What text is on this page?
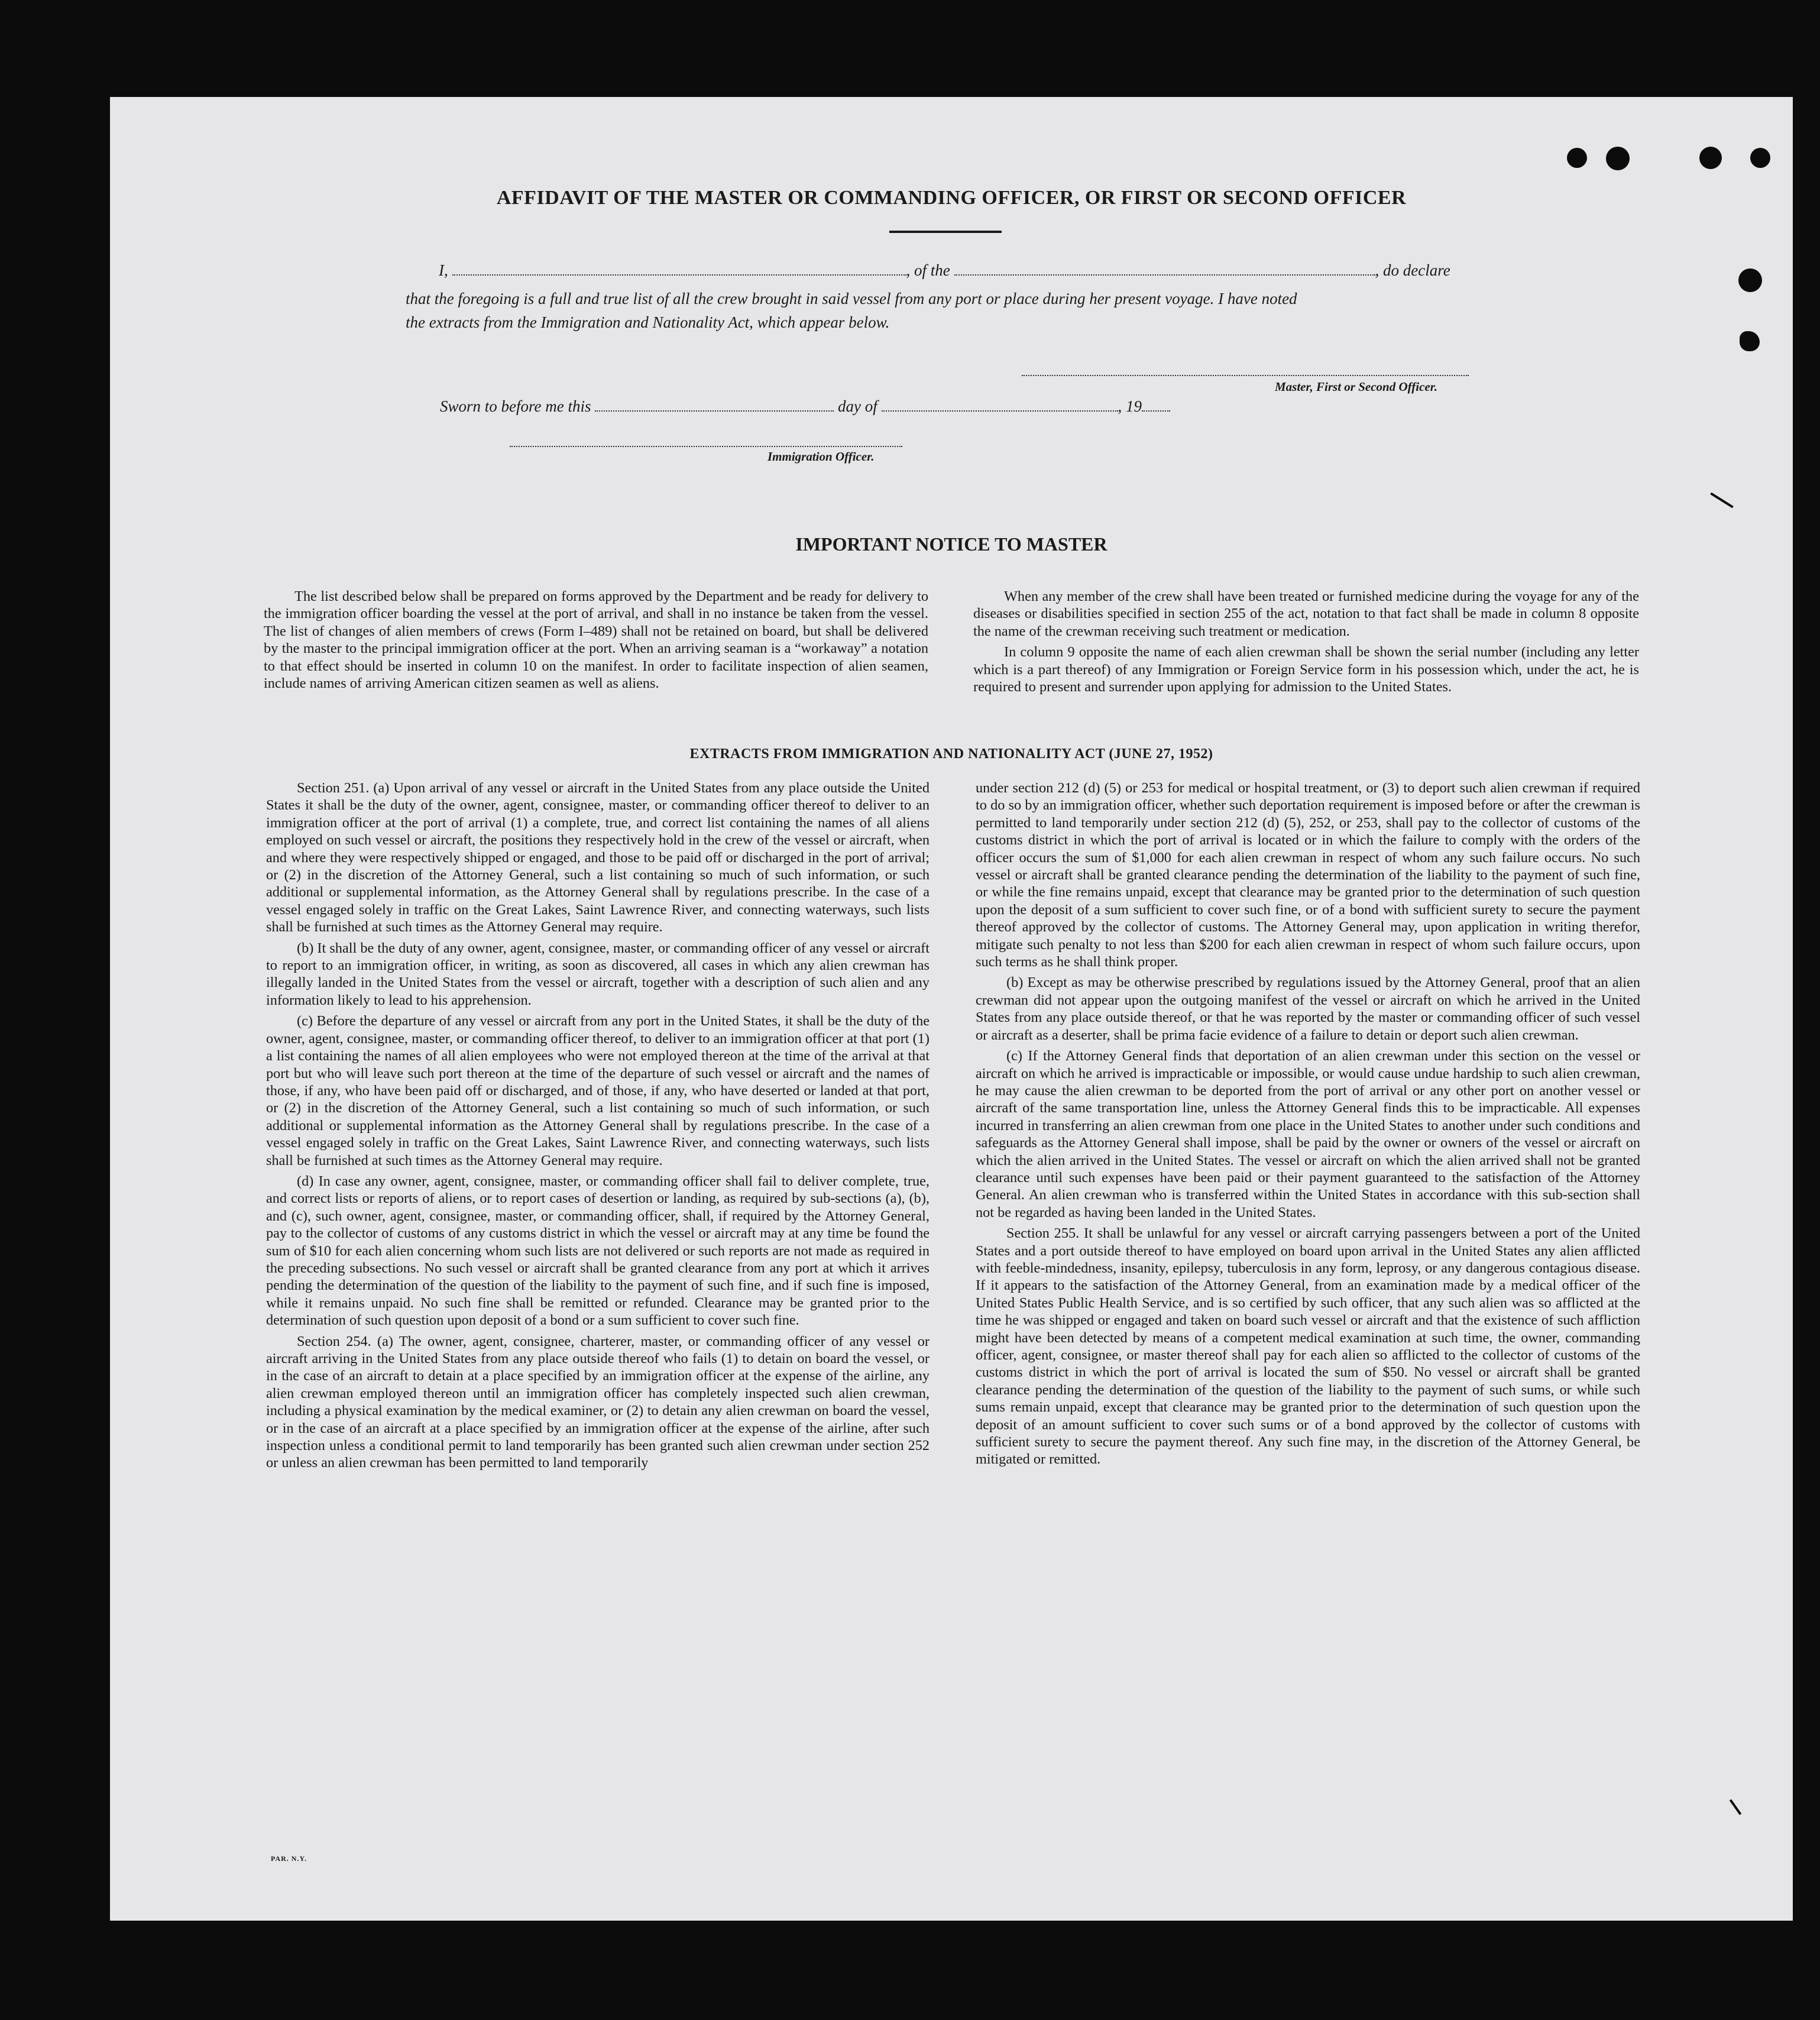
AFFIDAVIT OF THE MASTER OR COMMANDING OFFICER, OR FIRST OR SECOND OFFICER
I,	, of the	, do declare
that the foregoing is a full and true list of all the crew brought in said vessel from any port or place during her present voyage. I have noted
the extracts from the Immigration and Nationality Act, which appear below.
Master, First or Second Officer.
Sworn to before me this	day of	, 19
Immigration Officer.
IMPORTANT NOTICE TO MASTER

The list described below shall be prepared on forms approved by the Department and be ready for delivery to the immigration officer boarding the vessel at the port of arrival, and shall in no instance be taken from the vessel. The list of changes of alien members of crews (Form I–489) shall not be retained on board, but shall be delivered by the master to the principal immigration officer at the port. When an arriving seaman is a “workaway” a notation to that effect should be inserted in column 10 on the manifest. In order to facilitate inspection of alien seamen, include names of arriving American citizen seamen as well as aliens.

When any member of the crew shall have been treated or furnished medicine during the voyage for any of the diseases or disabilities specified in section 255 of the act, notation to that fact shall be made in column 8 opposite the name of the crewman receiving such treatment or medication.

In column 9 opposite the name of each alien crewman shall be shown the serial number (including any letter which is a part thereof) of any Immigration or Foreign Service form in his possession which, under the act, he is required to present and surrender upon applying for admission to the United States.

EXTRACTS FROM IMMIGRATION AND NATIONALITY ACT (JUNE 27, 1952)

Section 251. (a) Upon arrival of any vessel or aircraft in the United States from any place outside the United States it shall be the duty of the owner, agent, consignee, master, or commanding officer thereof to deliver to an immigration officer at the port of arrival (1) a complete, true, and correct list containing the names of all aliens employed on such vessel or aircraft, the positions they respectively hold in the crew of the vessel or aircraft, when and where they were respectively shipped or engaged, and those to be paid off or discharged in the port of arrival; or (2) in the discretion of the Attorney General, such a list containing so much of such information, or such additional or supplemental information, as the Attorney General shall by regulations prescribe. In the case of a vessel engaged solely in traffic on the Great Lakes, Saint Lawrence River, and connecting waterways, such lists shall be furnished at such times as the Attorney General may require.

(b) It shall be the duty of any owner, agent, consignee, master, or commanding officer of any vessel or aircraft to report to an immigration officer, in writing, as soon as discovered, all cases in which any alien crewman has illegally landed in the United States from the vessel or aircraft, together with a description of such alien and any information likely to lead to his apprehension.

(c) Before the departure of any vessel or aircraft from any port in the United States, it shall be the duty of the owner, agent, consignee, master, or commanding officer thereof, to deliver to an immigration officer at that port (1) a list containing the names of all alien employees who were not employed thereon at the time of the arrival at that port but who will leave such port thereon at the time of the departure of such vessel or aircraft and the names of those, if any, who have been paid off or discharged, and of those, if any, who have deserted or landed at that port, or (2) in the discretion of the Attorney General, such a list containing so much of such information, or such additional or supplemental information as the Attorney General shall by regulations prescribe. In the case of a vessel engaged solely in traffic on the Great Lakes, Saint Lawrence River, and connecting waterways, such lists shall be furnished at such times as the Attorney General may require.

(d) In case any owner, agent, consignee, master, or commanding officer shall fail to deliver complete, true, and correct lists or reports of aliens, or to report cases of desertion or landing, as required by sub-sections (a), (b), and (c), such owner, agent, consignee, master, or commanding officer, shall, if required by the Attorney General, pay to the collector of customs of any customs district in which the vessel or aircraft may at any time be found the sum of $10 for each alien concerning whom such lists are not delivered or such reports are not made as required in the preceding subsections. No such vessel or aircraft shall be granted clearance from any port at which it arrives pending the determination of the question of the liability to the payment of such fine, and if such fine is imposed, while it remains unpaid. No such fine shall be remitted or refunded. Clearance may be granted prior to the determination of such question upon deposit of a bond or a sum sufficient to cover such fine.

Section 254. (a) The owner, agent, consignee, charterer, master, or commanding officer of any vessel or aircraft arriving in the United States from any place outside thereof who fails (1) to detain on board the vessel, or in the case of an aircraft to detain at a place specified by an immigration officer at the expense of the airline, any alien crewman employed thereon until an immigration officer has completely inspected such alien crewman, including a physical examination by the medical examiner, or (2) to detain any alien crewman on board the vessel, or in the case of an aircraft at a place specified by an immigration officer at the expense of the airline, after such inspection unless a conditional permit to land temporarily has been granted such alien crewman under section 252 or unless an alien crewman has been permitted to land temporarily

under section 212 (d) (5) or 253 for medical or hospital treatment, or (3) to deport such alien crewman if required to do so by an immigration officer, whether such deportation requirement is imposed before or after the crewman is permitted to land temporarily under section 212 (d) (5), 252, or 253, shall pay to the collector of customs of the customs district in which the port of arrival is located or in which the failure to comply with the orders of the officer occurs the sum of $1,000 for each alien crewman in respect of whom any such failure occurs. No such vessel or aircraft shall be granted clearance pending the determination of the liability to the payment of such fine, or while the fine remains unpaid, except that clearance may be granted prior to the determination of such question upon the deposit of a sum sufficient to cover such fine, or of a bond with sufficient surety to secure the payment thereof approved by the collector of customs. The Attorney General may, upon application in writing therefor, mitigate such penalty to not less than $200 for each alien crewman in respect of whom such failure occurs, upon such terms as he shall think proper.

(b) Except as may be otherwise prescribed by regulations issued by the Attorney General, proof that an alien crewman did not appear upon the outgoing manifest of the vessel or aircraft on which he arrived in the United States from any place outside thereof, or that he was reported by the master or commanding officer of such vessel or aircraft as a deserter, shall be prima facie evidence of a failure to detain or deport such alien crewman.

(c) If the Attorney General finds that deportation of an alien crewman under this section on the vessel or aircraft on which he arrived is impracticable or impossible, or would cause undue hardship to such alien crewman, he may cause the alien crewman to be deported from the port of arrival or any other port on another vessel or aircraft of the same transportation line, unless the Attorney General finds this to be impracticable. All expenses incurred in transferring an alien crewman from one place in the United States to another under such conditions and safeguards as the Attorney General shall impose, shall be paid by the owner or owners of the vessel or aircraft on which the alien arrived in the United States. The vessel or aircraft on which the alien arrived shall not be granted clearance until such expenses have been paid or their payment guaranteed to the satisfaction of the Attorney General. An alien crewman who is transferred within the United States in accordance with this sub-section shall not be regarded as having been landed in the United States.

Section 255. It shall be unlawful for any vessel or aircraft carrying passengers between a port of the United States and a port outside thereof to have employed on board upon arrival in the United States any alien afflicted with feeble-mindedness, insanity, epilepsy, tuberculosis in any form, leprosy, or any dangerous contagious disease. If it appears to the satisfaction of the Attorney General, from an examination made by a medical officer of the United States Public Health Service, and is so certified by such officer, that any such alien was so afflicted at the time he was shipped or engaged and taken on board such vessel or aircraft and that the existence of such affliction might have been detected by means of a competent medical examination at such time, the owner, commanding officer, agent, consignee, or master thereof shall pay for each alien so afflicted to the collector of customs of the customs district in which the port of arrival is located the sum of $50. No vessel or aircraft shall be granted clearance pending the determination of the question of the liability to the payment of such sums, or while such sums remain unpaid, except that clearance may be granted prior to the determination of such question upon the deposit of an amount sufficient to cover such sums or of a bond approved by the collector of customs with sufficient surety to secure the payment thereof. Any such fine may, in the discretion of the Attorney General, be mitigated or remitted.

PAR. N.Y.
